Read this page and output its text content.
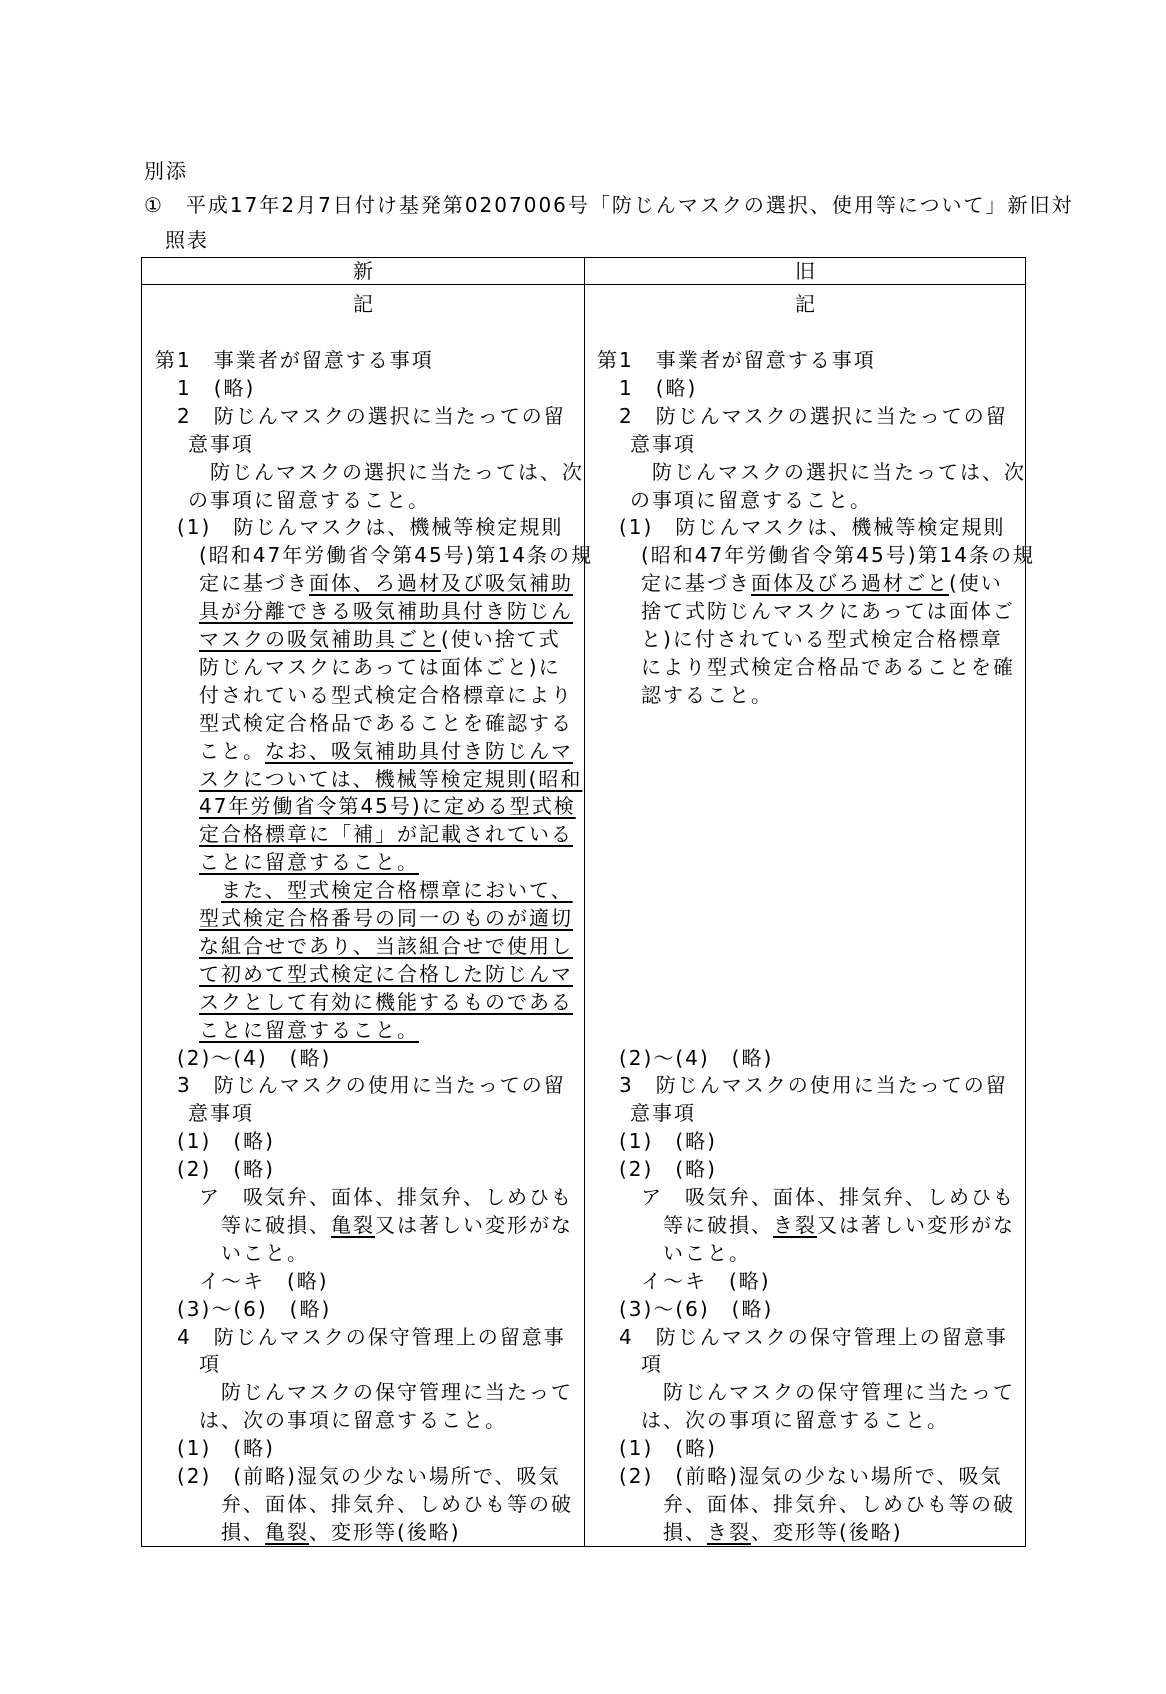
別添
①　平成17年2月7日付け基発第0207006号「防じんマスクの選択、使用等について」新旧対
照表
新	旧
記	記
第1　事業者が留意する事項
1　(略)
2　防じんマスクの選択に当たっての留
意事項
防じんマスクの選択に当たっては、次
の事項に留意すること。
(1)　防じんマスクは、機械等検定規則
(昭和47年労働省令第45号)第14条の規
定に基づき面体、ろ過材及び吸気補助
具が分離できる吸気補助具付き防じん
マスクの吸気補助具ごと(使い捨て式
防じんマスクにあっては面体ごと)に
付されている型式検定合格標章により
型式検定合格品であることを確認する
こと。なお、吸気補助具付き防じんマ
スクについては、機械等検定規則(昭和
47年労働省令第45号)に定める型式検
定合格標章に「補」が記載されている
ことに留意すること。
また、型式検定合格標章において、
型式検定合格番号の同一のものが適切
な組合せであり、当該組合せで使用し
て初めて型式検定に合格した防じんマ
スクとして有効に機能するものである
ことに留意すること。
(2)〜(4)　(略)
3　防じんマスクの使用に当たっての留
意事項
(1)　(略)
(2)　(略)
ア　吸気弁、面体、排気弁、しめひも
等に破損、亀裂又は著しい変形がな
いこと。
イ〜キ　(略)
(3)〜(6)　(略)
4　防じんマスクの保守管理上の留意事
項
防じんマスクの保守管理に当たって
は、次の事項に留意すること。
(1)　(略)
(2)　(前略)湿気の少ない場所で、吸気
弁、面体、排気弁、しめひも等の破
損、亀裂、変形等(後略)
第1　事業者が留意する事項
1　(略)
2　防じんマスクの選択に当たっての留
意事項
防じんマスクの選択に当たっては、次
の事項に留意すること。
(1)　防じんマスクは、機械等検定規則
(昭和47年労働省令第45号)第14条の規
定に基づき面体及びろ過材ごと(使い
捨て式防じんマスクにあっては面体ご
と)に付されている型式検定合格標章
により型式検定合格品であることを確
認すること。
(2)〜(4)　(略)
3　防じんマスクの使用に当たっての留
意事項
(1)　(略)
(2)　(略)
ア　吸気弁、面体、排気弁、しめひも
等に破損、き裂又は著しい変形がな
いこと。
イ〜キ　(略)
(3)〜(6)　(略)
4　防じんマスクの保守管理上の留意事
項
防じんマスクの保守管理に当たって
は、次の事項に留意すること。
(1)　(略)
(2)　(前略)湿気の少ない場所で、吸気
弁、面体、排気弁、しめひも等の破
損、き裂、変形等(後略)
